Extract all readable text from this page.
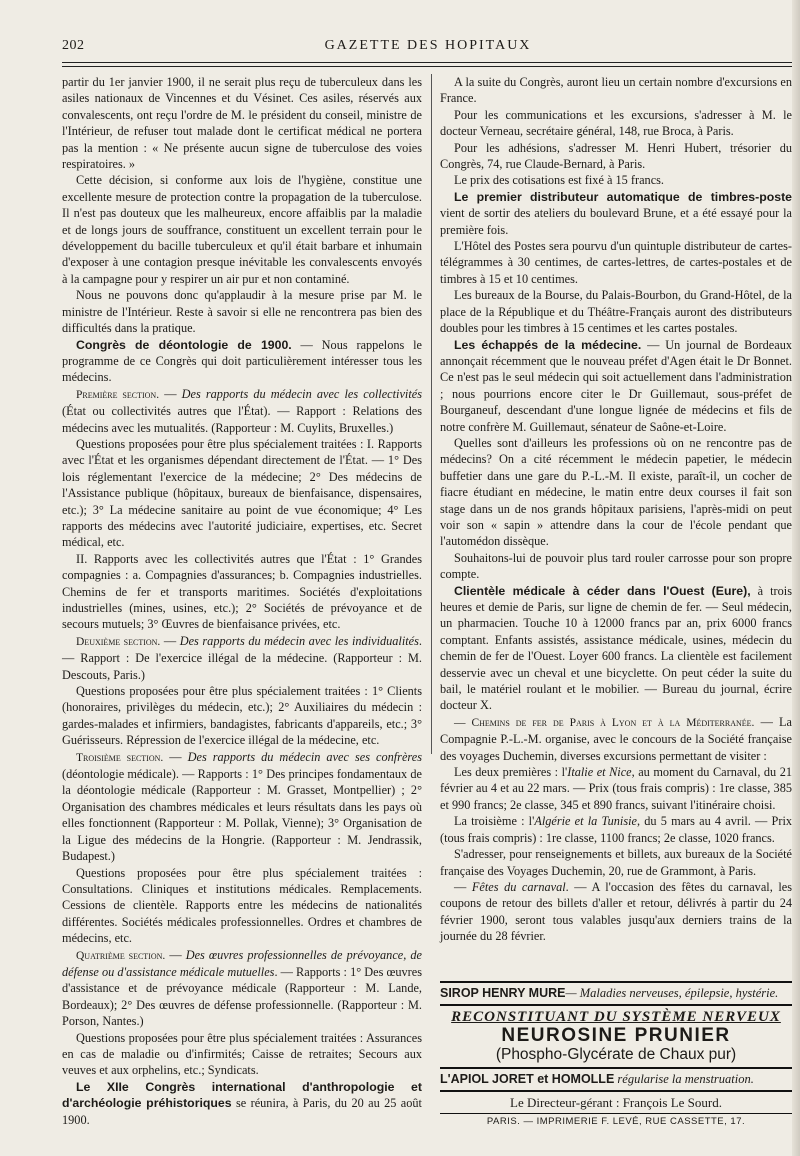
GAZETTE DES HOPITAUX
202

partir du 1er janvier 1900, il ne serait plus reçu de tuberculeux dans les asiles nationaux de Vincennes et du Vésinet. Ces asiles, réservés aux convalescents, ont reçu l'ordre de M. le président du conseil, ministre de l'Intérieur, de refuser tout malade dont le certificat médical ne portera pas la mention : « Ne présente aucun signe de tuberculose des voies respiratoires. »

Cette décision, si conforme aux lois de l'hygiène, constitue une excellente mesure de protection contre la propagation de la tuberculose. Il n'est pas douteux que les malheureux, encore affaiblis par la maladie et de longs jours de souffrance, constituent un excellent terrain pour le développement du bacille tuberculeux et qu'il était barbare et inhumain d'exposer à une contagion presque inévitable les convalescents envoyés à la campagne pour y respirer un air pur et non contaminé.

Nous ne pouvons donc qu'applaudir à la mesure prise par M. le ministre de l'Intérieur. Reste à savoir si elle ne rencontrera pas bien des difficultés dans la pratique.

Congrès de déontologie de 1900. — Nous rappelons le programme de ce Congrès qui doit particulièrement intéresser tous les médecins.

Première section. — Des rapports du médecin avec les collectivités (État ou collectivités autres que l'État). — Rapport : Relations des médecins avec les mutualités. (Rapporteur : M. Cuylits, Bruxelles.)

Questions proposées pour être plus spécialement traitées : I. Rapports avec l'État et les organismes dépendant directement de l'État. — 1° Des lois réglementant l'exercice de la médecine; 2° Des médecins de l'Assistance publique (hôpitaux, bureaux de bienfaisance, dispensaires, etc.); 3° La médecine sanitaire au point de vue économique; 4° Les rapports des médecins avec l'autorité judiciaire, expertises, etc. Secret médical, etc.

II. Rapports avec les collectivités autres que l'État : 1° Grandes compagnies : a. Compagnies d'assurances; b. Compagnies industrielles. Chemins de fer et transports maritimes. Sociétés d'exploitations industrielles (mines, usines, etc.); 2° Sociétés de prévoyance et de secours mutuels; 3° Œuvres de bienfaisance privées, etc.

Deuxième section. — Des rapports du médecin avec les individualités. — Rapport : De l'exercice illégal de la médecine. (Rapporteur : M. Descouts, Paris.)

Questions proposées pour être plus spécialement traitées : 1° Clients (honoraires, privilèges du médecin, etc.); 2° Auxiliaires du médecin : gardes-malades et infirmiers, bandagistes, fabricants d'appareils, etc.; 3° Guérisseurs. Répression de l'exercice illégal de la médecine, etc.

Troisième section. — Des rapports du médecin avec ses confrères (déontologie médicale). — Rapports : 1° Des principes fondamentaux de la déontologie médicale (Rapporteur : M. Grasset, Montpellier) ; 2° Organisation des chambres médicales et leurs résultats dans les pays où elles fonctionnent (Rapporteur : M. Pollak, Vienne); 3° Organisation de la Ligue des médecins de la Hongrie. (Rapporteur : M. Jendrassik, Budapest.)

Questions proposées pour être plus spécialement traitées : Consultations. Cliniques et institutions médicales. Remplacements. Cessions de clientèle. Rapports entre les médecins de nationalités différentes. Sociétés médicales professionnelles. Ordres et chambres de médecins, etc.

Quatrième section. — Des œuvres professionnelles de prévoyance, de défense ou d'assistance médicale mutuelles. — Rapports : 1° Des œuvres d'assistance et de prévoyance médicale (Rapporteur : M. Lande, Bordeaux); 2° Des œuvres de défense professionnelle. (Rapporteur : M. Porson, Nantes.)

Questions proposées pour être plus spécialement traitées : Assurances en cas de maladie ou d'infirmités; Caisse de retraites; Secours aux veuves et aux orphelins, etc.; Syndicats.

Le XIIe Congrès international d'anthropologie et d'archéologie préhistoriques se réunira, à Paris, du 20 au 25 août 1900.

A la suite du Congrès, auront lieu un certain nombre d'excursions en France.

Pour les communications et les excursions, s'adresser à M. le docteur Verneau, secrétaire général, 148, rue Broca, à Paris.

Pour les adhésions, s'adresser M. Henri Hubert, trésorier du Congrès, 74, rue Claude-Bernard, à Paris.

Le prix des cotisations est fixé à 15 francs.

Le premier distributeur automatique de timbres-poste vient de sortir des ateliers du boulevard Brune, et a été essayé pour la première fois.

L'Hôtel des Postes sera pourvu d'un quintuple distributeur de cartes-télégrammes à 30 centimes, de cartes-lettres, de cartes-postales et de timbres à 15 et 10 centimes.

Les bureaux de la Bourse, du Palais-Bourbon, du Grand-Hôtel, de la place de la République et du Théâtre-Français auront des distributeurs doubles pour les timbres à 15 centimes et les cartes postales.

Les échappés de la médecine. — Un journal de Bordeaux annonçait récemment que le nouveau préfet d'Agen était le Dr Bonnet. Ce n'est pas le seul médecin qui soit actuellement dans l'administration ; nous pourrions encore citer le Dr Guillemaut, sous-préfet de Bourganeuf, descendant d'une longue lignée de médecins et fils de notre confrère M. Guillemaut, sénateur de Saône-et-Loire.

Quelles sont d'ailleurs les professions où on ne rencontre pas de médecins? On a cité récemment le médecin papetier, le médecin buffetier dans une gare du P.-L.-M. Il existe, paraît-il, un cocher de fiacre étudiant en médecine, le matin entre deux courses il fait son stage dans un de nos grands hôpitaux parisiens, l'après-midi on peut voir son « sapin » attendre dans la cour de l'école pendant que l'automédon dissèque.

Souhaitons-lui de pouvoir plus tard rouler carrosse pour son propre compte.

Clientèle médicale à céder dans l'Ouest (Eure), à trois heures et demie de Paris, sur ligne de chemin de fer. — Seul médecin, un pharmacien. Touche 10 à 12000 francs par an, prix 6000 francs comptant. Enfants assistés, assistance médicale, usines, médecin du chemin de fer de l'Ouest. Loyer 600 francs. La clientèle est facilement desservie avec un cheval et une bicyclette. On peut céder la suite du bail, le matériel roulant et le mobilier. — Bureau du journal, écrire docteur X.

— Chemins de fer de Paris à Lyon et à la Méditerranée. — La Compagnie P.-L.-M. organise, avec le concours de la Société française des voyages Duchemin, diverses excursions permettant de visiter :

Les deux premières : l'Italie et Nice, au moment du Carnaval, du 21 février au 4 et au 22 mars. — Prix (tous frais compris) : 1re classe, 385 et 990 francs; 2e classe, 345 et 890 francs, suivant l'itinéraire choisi.

La troisième : l'Algérie et la Tunisie, du 5 mars au 4 avril. — Prix (tous frais compris) : 1re classe, 1100 francs; 2e classe, 1020 francs.

S'adresser, pour renseignements et billets, aux bureaux de la Société française des Voyages Duchemin, 20, rue de Grammont, à Paris.

— Fêtes du carnaval. — A l'occasion des fêtes du carnaval, les coupons de retour des billets d'aller et retour, délivrés à partir du 24 février 1900, seront tous valables jusqu'aux derniers trains de la journée du 28 février.

SIROP HENRY MURE— Maladies nerveuses, épilepsie, hystérie.
RECONSTITUANT DU SYSTÈME NERVEUX
NEUROSINE PRUNIER
(Phospho-Glycérate de Chaux pur)
L'APIOL JORET et HOMOLLE régularise la menstruation.
Le Directeur-gérant : François Le Sourd.
PARIS. — IMPRIMERIE F. LEVÉ, RUE CASSETTE, 17.
